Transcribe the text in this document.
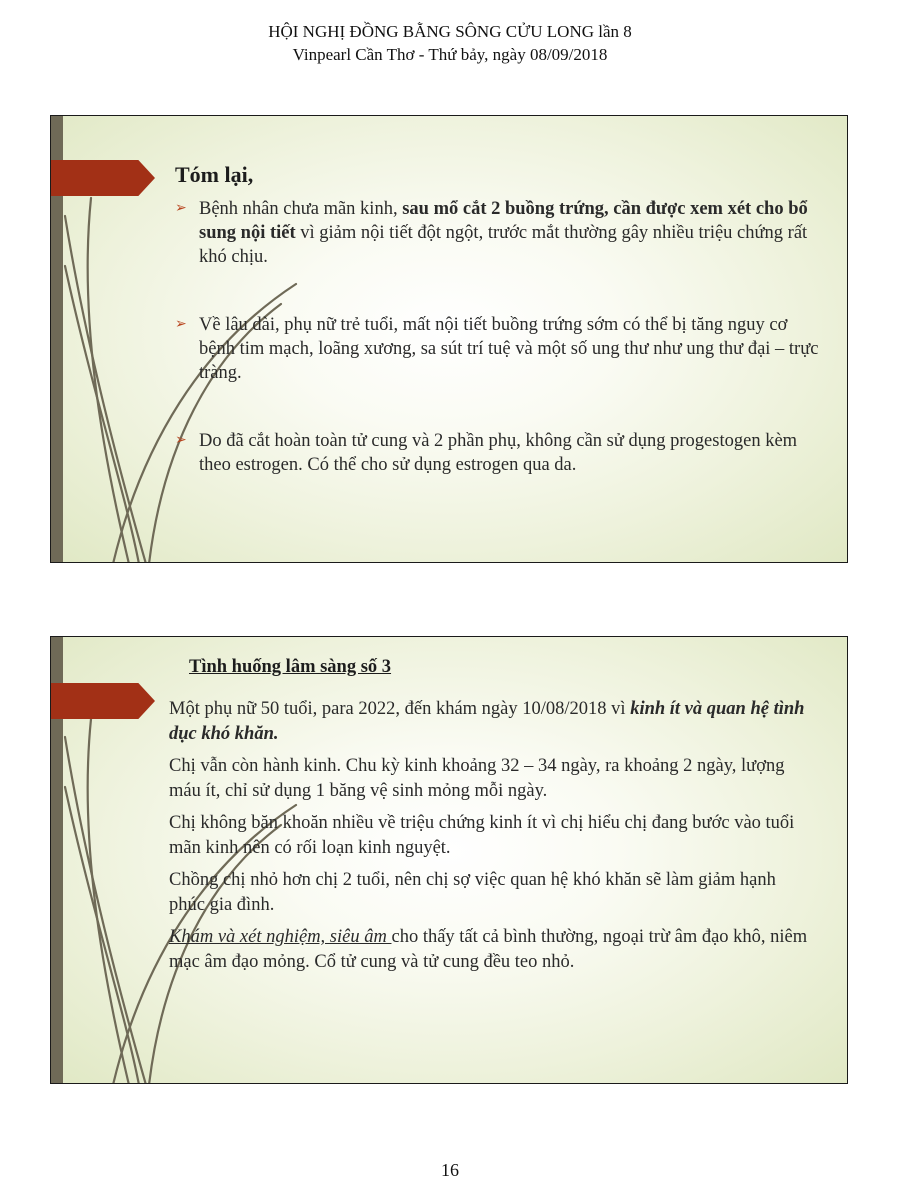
HỘI NGHỊ ĐỒNG BẰNG SÔNG CỬU LONG lần 8
Vinpearl Cần Thơ - Thứ bảy, ngày 08/09/2018
Tóm lại,
➢ Bệnh nhân chưa mãn kinh, sau mổ cắt 2 buồng trứng, cần được xem xét cho bổ sung nội tiết vì giảm nội tiết đột ngột, trước mắt thường gây nhiều triệu chứng rất khó chịu.
➢ Về lâu dài, phụ nữ trẻ tuổi, mất nội tiết buồng trứng sớm có thể bị tăng nguy cơ bệnh tim mạch, loãng xương, sa sút trí tuệ và một số ung thư như ung thư đại – trực tràng.
➢ Do đã cắt hoàn toàn tử cung và 2 phần phụ, không cần sử dụng progestogen kèm theo estrogen. Có thể cho sử dụng estrogen qua da.
Tình huống lâm sàng số 3

Một phụ nữ 50 tuổi, para 2022, đến khám ngày 10/08/2018 vì kinh ít và quan hệ tình dục khó khăn.

Chị vẫn còn hành kinh. Chu kỳ kinh khoảng 32 – 34 ngày, ra khoảng 2 ngày, lượng máu ít, chỉ sử dụng 1 băng vệ sinh mỏng mỗi ngày.

Chị không băn khoăn nhiều về triệu chứng kinh ít vì chị hiểu chị đang bước vào tuổi mãn kinh nên có rối loạn kinh nguyệt.

Chồng chị nhỏ hơn chị 2 tuổi, nên chị sợ việc quan hệ khó khăn sẽ làm giảm hạnh phúc gia đình.

Khám và xét nghiệm, siêu âm cho thấy tất cả bình thường, ngoại trừ âm đạo khô, niêm mạc âm đạo mỏng. Cổ tử cung và tử cung đều teo nhỏ.

16
